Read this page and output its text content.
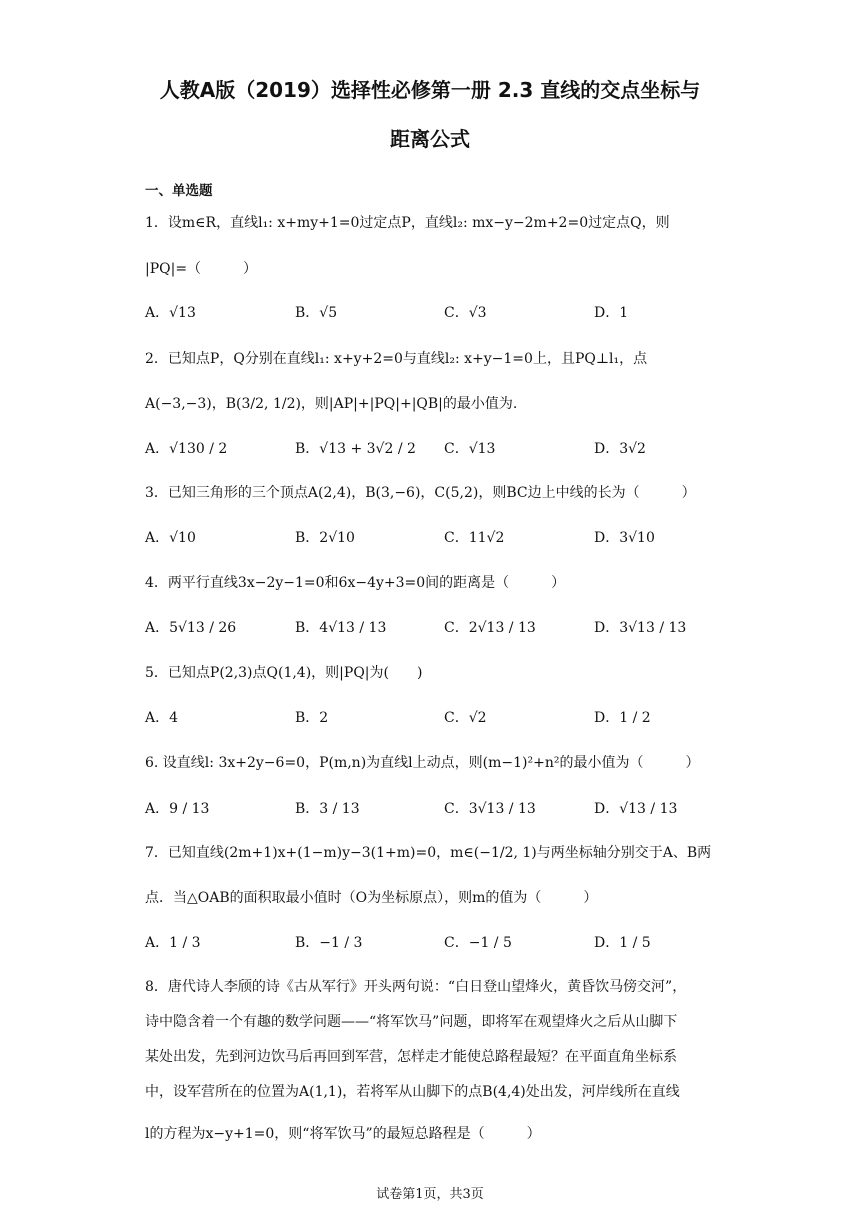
人教A版（2019）选择性必修第一册 2.3 直线的交点坐标与
距离公式
一、单选题
1．设m∈R，直线l₁: x+my+1=0过定点P，直线l₂: mx−y−2m+2=0过定点Q，则
|PQ|=（　　　）
A．√13	B．√5	C．√3	D．1
2．已知点P，Q分别在直线l₁: x+y+2=0与直线l₂: x+y−1=0上，且PQ⊥l₁，点
A(−3,−3)，B(3/2, 1/2)，则|AP|+|PQ|+|QB|的最小值为.
A．√130 / 2	B．√13 + 3√2 / 2 C．√13	D．3√2
3．已知三角形的三个顶点A(2,4)，B(3,−6)，C(5,2)，则BC边上中线的长为（　　　）
A．√10	B．2√10	C．11√2	D．3√10
4．两平行直线3x−2y−1=0和6x−4y+3=0间的距离是（　　　）
A．5√13 / 26	B．4√13 / 13	C．2√13 / 13	D．3√13 / 13
5．已知点P(2,3)点Q(1,4)，则|PQ|为(　　)
A．4	B．2	C．√2	D．1 / 2
6. 设直线l: 3x+2y−6=0，P(m,n)为直线l上动点，则(m−1)²+n²的最小值为（　　　）
A．9 / 13	B．3 / 13	C．3√13 / 13	D．√13 / 13
7．已知直线(2m+1)x+(1−m)y−3(1+m)=0，m∈(−1/2, 1)与两坐标轴分别交于A、B两
点．当△OAB的面积取最小值时（O为坐标原点），则m的值为（　　　）
A．1 / 3	B．−1 / 3	C．−1 / 5	D．1 / 5
8．唐代诗人李颀的诗《古从军行》开头两句说：“白日登山望烽火，黄昏饮马傍交河”，
诗中隐含着一个有趣的数学问题——“将军饮马”问题，即将军在观望烽火之后从山脚下
某处出发，先到河边饮马后再回到军营，怎样走才能使总路程最短？在平面直角坐标系
中，设军营所在的位置为A(1,1)，若将军从山脚下的点B(4,4)处出发，河岸线所在直线
l的方程为x−y+1=0，则“将军饮马”的最短总路程是（　　　）
试卷第1页，共3页
